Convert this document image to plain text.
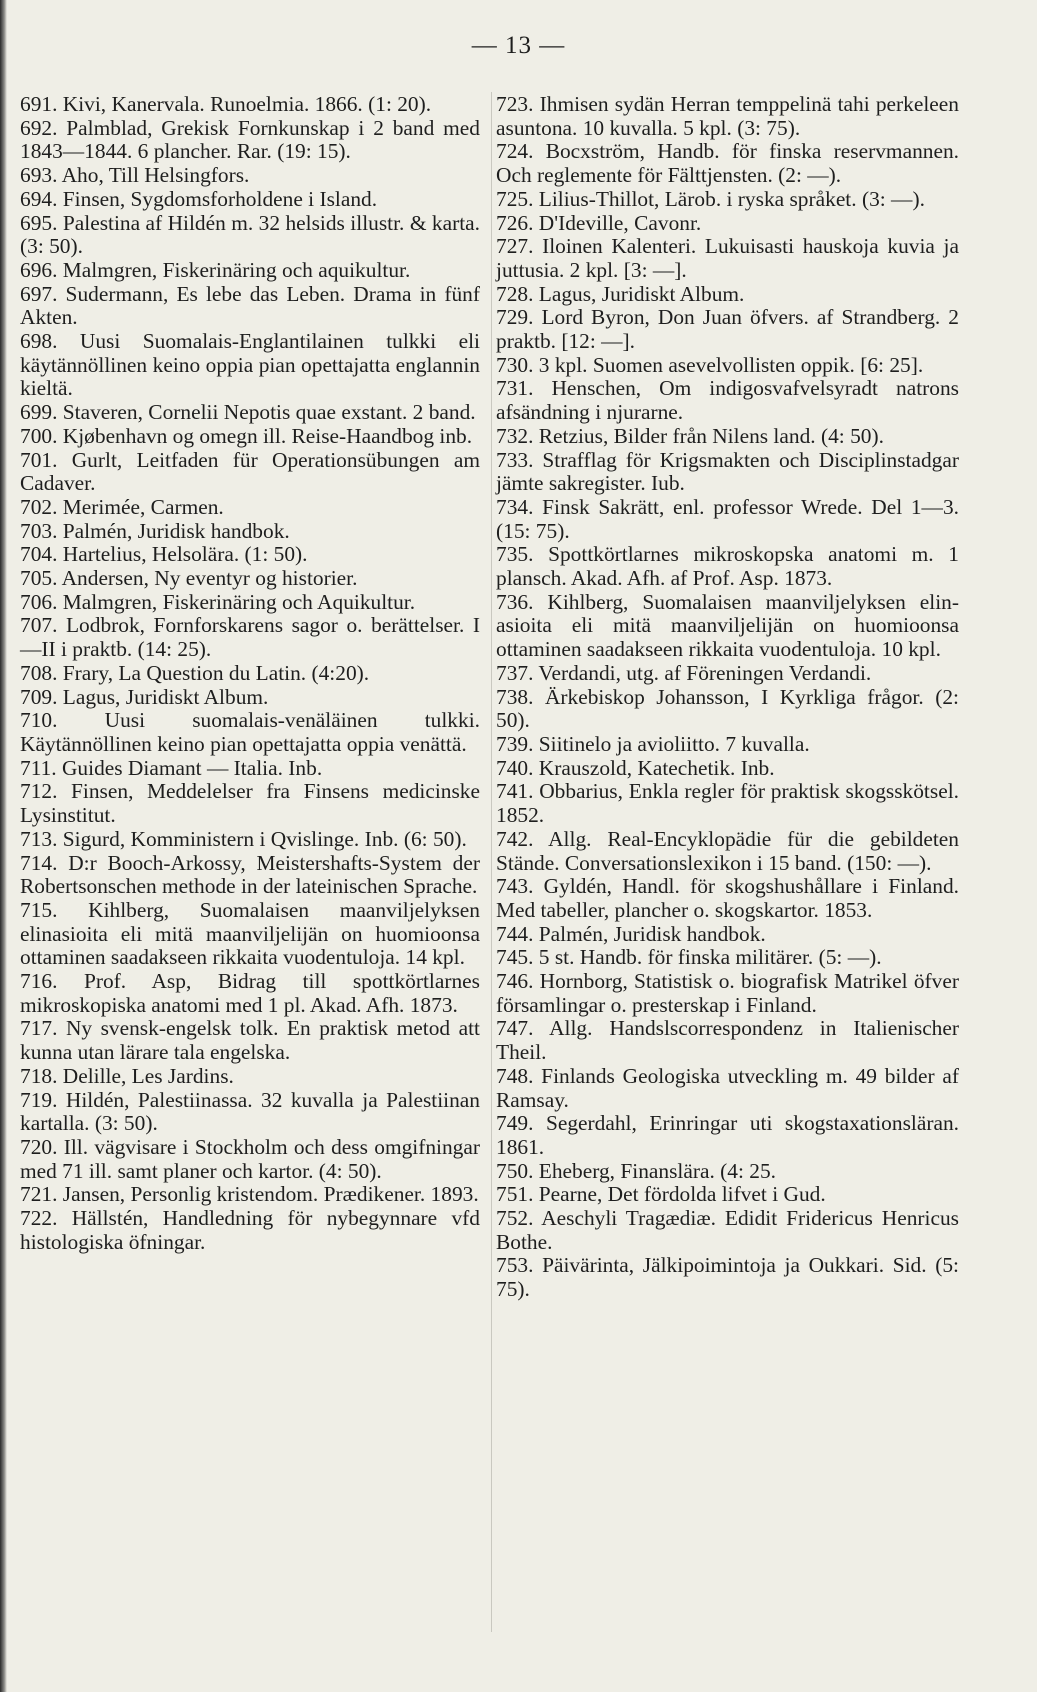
— 13 —

691. Kivi, Kanervala. Runoelmia. 1866. (1: 20).

692. Palmblad, Grekisk Fornkunskap i 2 band med 1843—1844. 6 plancher. Rar. (19: 15).

693. Aho, Till Helsingfors.

694. Finsen, Sygdomsforholdene i Island.

695. Palestina af Hildén m. 32 helsids illustr. & karta. (3: 50).

696. Malmgren, Fiskerinäring och aquikultur.

697. Sudermann, Es lebe das Leben. Drama in fünf Akten.

698. Uusi Suomalais-Englantilainen tulkki eli käytännöllinen keino oppia pian opettajatta englannin kieltä.

699. Staveren, Cornelii Nepotis quae exstant. 2 band.

700. Kjøbenhavn og omegn ill. Reise-Haandbog inb.

701. Gurlt, Leitfaden für Operationsübungen am Cadaver.

702. Merimée, Carmen.

703. Palmén, Juridisk handbok.

704. Hartelius, Helsolära. (1: 50).

705. Andersen, Ny eventyr og historier.

706. Malmgren, Fiskerinäring och Aquikultur.

707. Lodbrok, Fornforskarens sagor o. berättelser. I—II i praktb. (14: 25).

708. Frary, La Question du Latin. (4:20).

709. Lagus, Juridiskt Album.

710. Uusi suomalais-venäläinen tulkki. Käytännöllinen keino pian opettajatta oppia venättä.

711. Guides Diamant — Italia. Inb.

712. Finsen, Meddelelser fra Finsens medicinske Lysinstitut.

713. Sigurd, Komministern i Qvislinge. Inb. (6: 50).

714. D:r Booch-Arkossy, Meistershafts-System der Robertsonschen methode in der lateinischen Sprache.

715. Kihlberg, Suomalaisen maanviljelyksen elinasioita eli mitä maanviljelijän on huomioonsa ottaminen saadakseen rikkaita vuodentuloja. 14 kpl.

716. Prof. Asp, Bidrag till spottkörtlarnes mikroskopiska anatomi med 1 pl. Akad. Afh. 1873.

717. Ny svensk-engelsk tolk. En praktisk metod att kunna utan lärare tala engelska.

718. Delille, Les Jardins.

719. Hildén, Palestiinassa. 32 kuvalla ja Palestiinan kartalla. (3: 50).

720. Ill. vägvisare i Stockholm och dess omgifningar med 71 ill. samt planer och kartor. (4: 50).

721. Jansen, Personlig kristendom. Prædikener. 1893.

722. Hällstén, Handledning för nybegynnare vfd histologiska öfningar.

723. Ihmisen sydän Herran temppelinä tahi perkeleen asuntona. 10 kuvalla. 5 kpl. (3: 75).

724. Bocxström, Handb. för finska reservmannen. Och reglemente för Fälttjensten. (2: —).

725. Lilius-Thillot, Lärob. i ryska språket. (3: —).

726. D'Ideville, Cavonr.

727. Iloinen Kalenteri. Lukuisasti hauskoja kuvia ja juttusia. 2 kpl. [3: —].

728. Lagus, Juridiskt Album.

729. Lord Byron, Don Juan öfvers. af Strandberg. 2 praktb. [12: —].

730. 3 kpl. Suomen asevelvollisten oppik. [6: 25].

731. Henschen, Om indigosvafvelsyradt natrons afsändning i njurarne.

732. Retzius, Bilder från Nilens land. (4: 50).

733. Strafflag för Krigsmakten och Disciplinstadgar jämte sakregister. Iub.

734. Finsk Sakrätt, enl. professor Wrede. Del 1—3. (15: 75).

735. Spottkörtlarnes mikroskopska anatomi m. 1 plansch. Akad. Afh. af Prof. Asp. 1873.

736. Kihlberg, Suomalaisen maanviljelyksen elin-asioita eli mitä maanviljelijän on huomioonsa ottaminen saadakseen rikkaita vuodentuloja. 10 kpl.

737. Verdandi, utg. af Föreningen Verdandi.

738. Ärkebiskop Johansson, I Kyrkliga frågor. (2: 50).

739. Siitinelo ja avioliitto. 7 kuvalla.

740. Krauszold, Katechetik. Inb.

741. Obbarius, Enkla regler för praktisk skogsskötsel. 1852.

742. Allg. Real-Encyklopädie für die gebildeten Stände. Conversationslexikon i 15 band. (150: —).

743. Gyldén, Handl. för skogshushållare i Finland. Med tabeller, plancher o. skogskartor. 1853.

744. Palmén, Juridisk handbok.

745. 5 st. Handb. för finska militärer. (5: —).

746. Hornborg, Statistisk o. biografisk Matrikel öfver församlingar o. presterskap i Finland.

747. Allg. Handslscorrespondenz in Italienischer Theil.

748. Finlands Geologiska utveckling m. 49 bilder af Ramsay.

749. Segerdahl, Erinringar uti skogstaxationsläran. 1861.

750. Eheberg, Finanslära. (4: 25.

751. Pearne, Det fördolda lifvet i Gud.

752. Aeschyli Tragædiæ. Edidit Fridericus Henricus Bothe.

753. Päivärinta, Jälkipoimintoja ja Oukkari. Sid. (5: 75).
